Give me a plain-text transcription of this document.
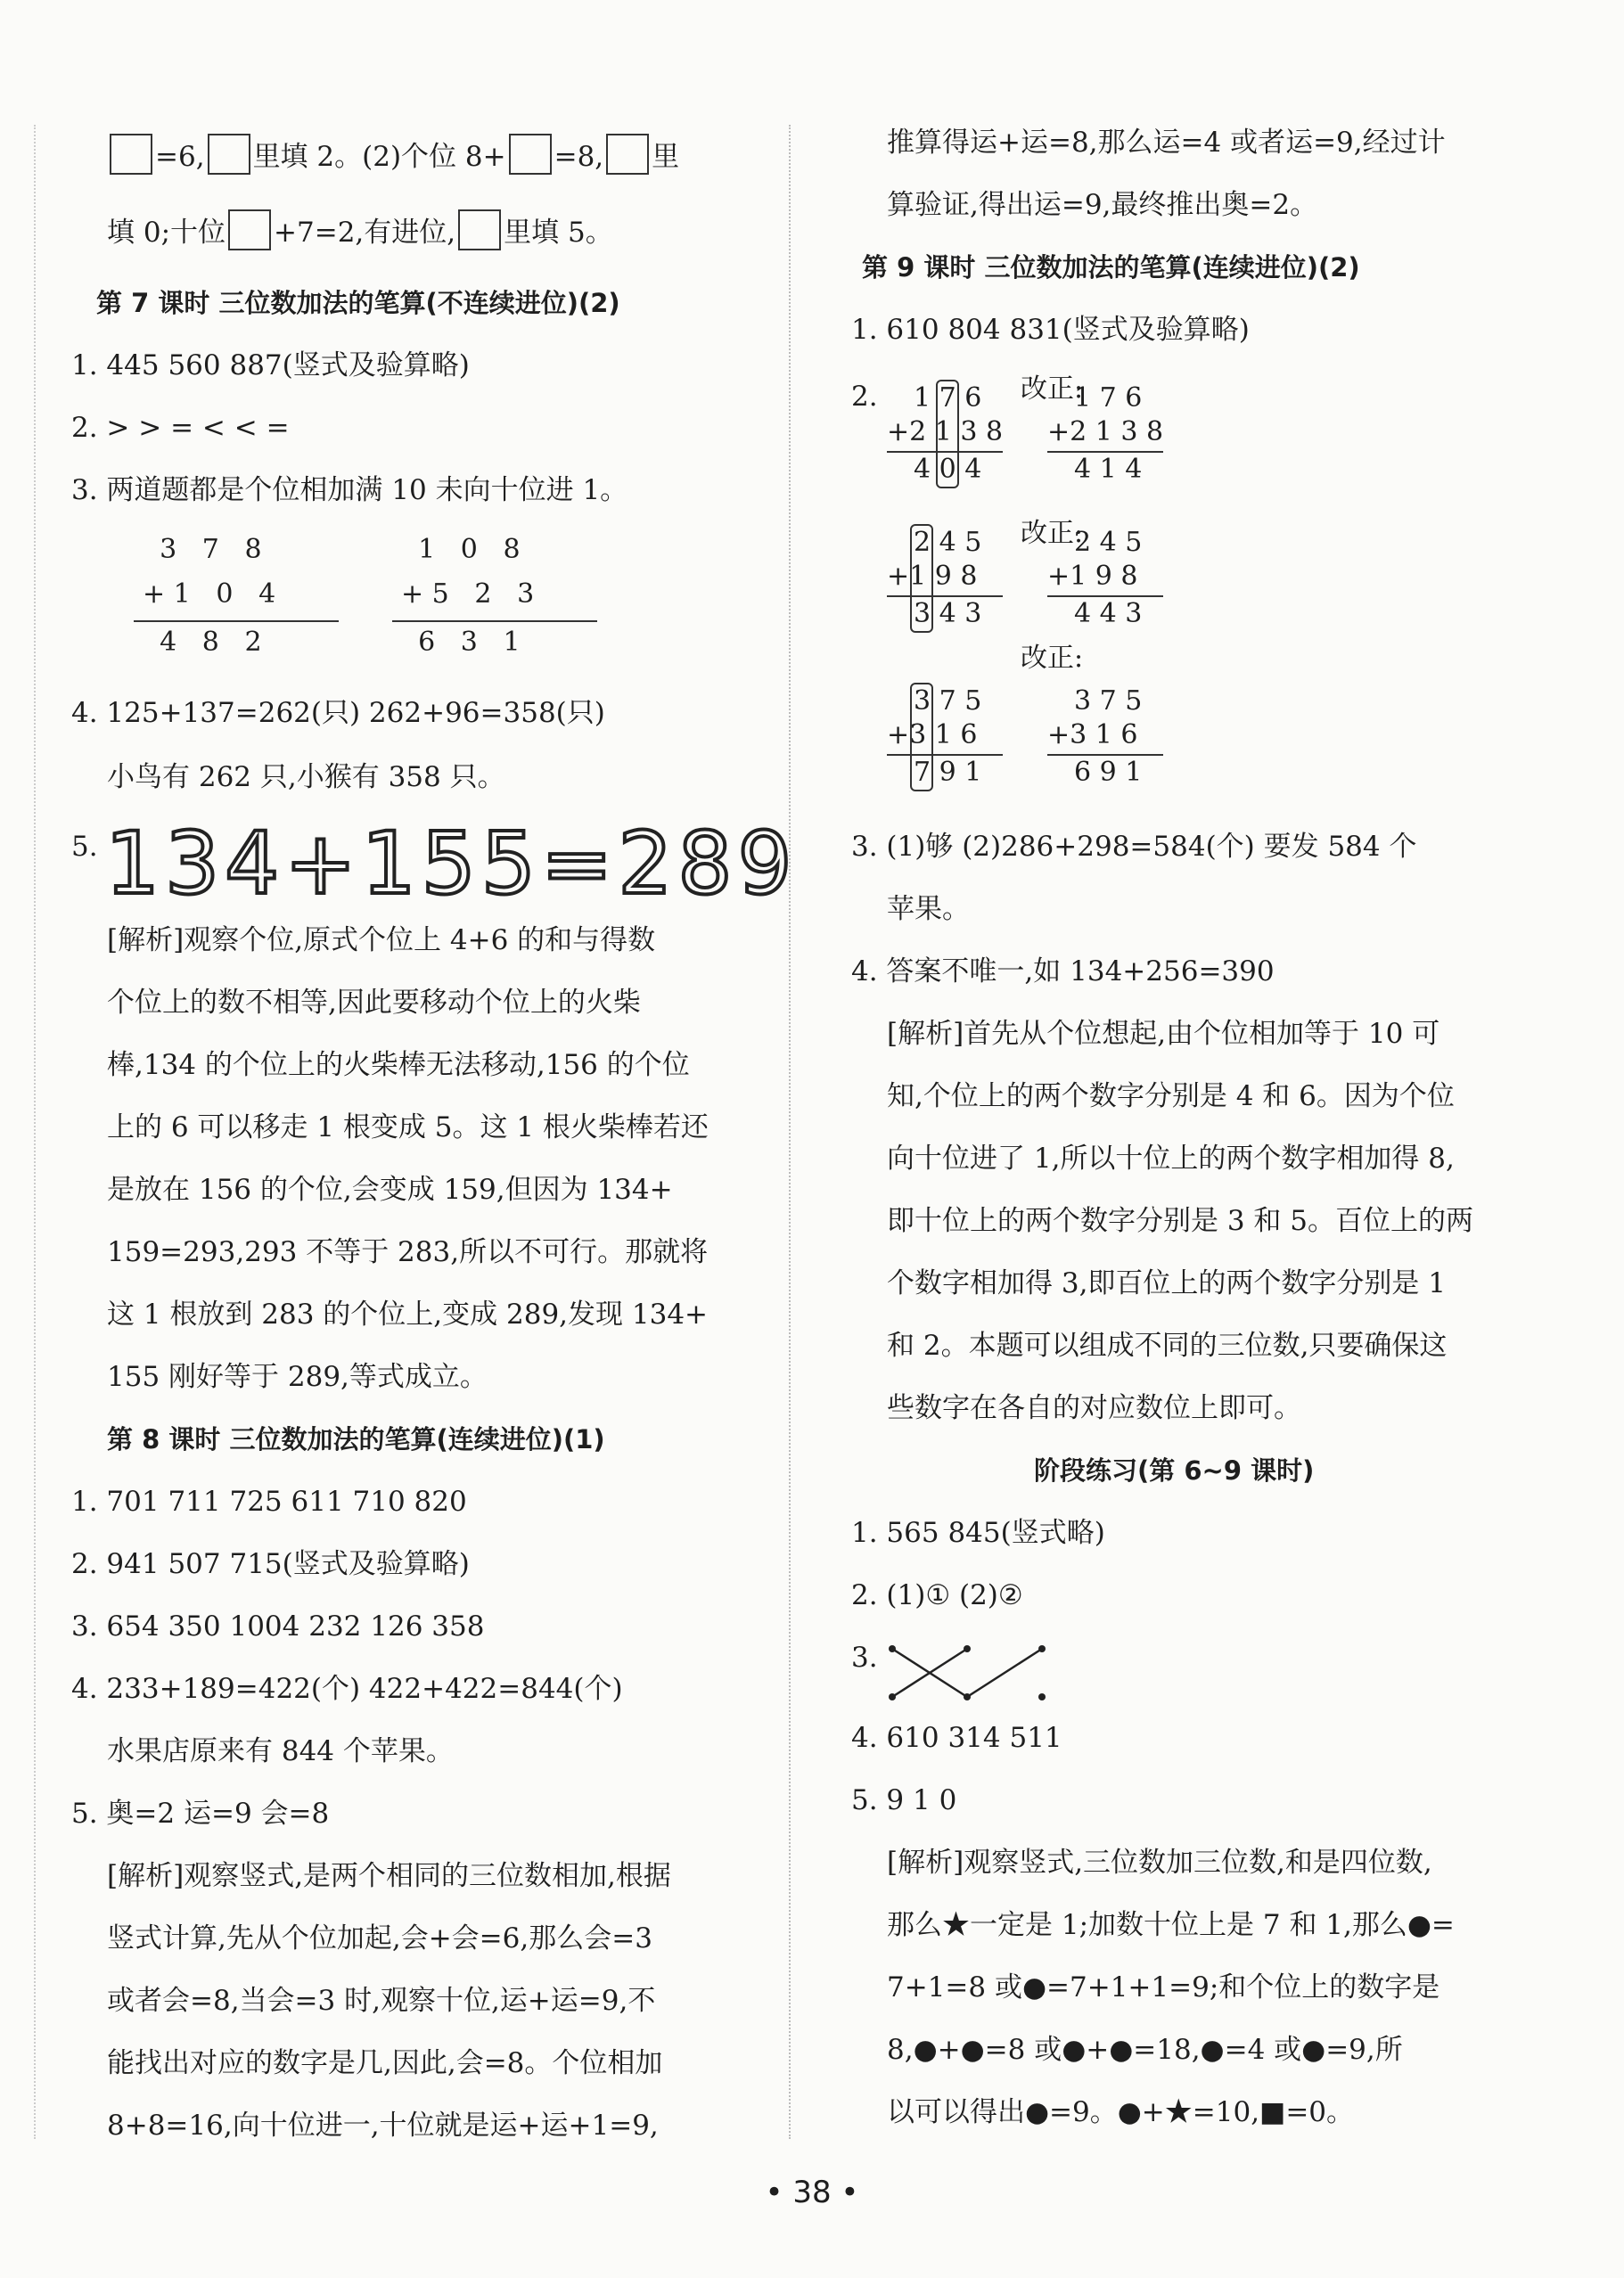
=6, 里填 2。(2)个位 8+ =8, 里
填 0;十位 +7=2,有进位, 里填 5。
第 7 课时 三位数加法的笔算(不连续进位)(2)
1. 445 560 887(竖式及验算略)
2. > > = < < =
3. 两道题都是个位相加满 10 未向十位进 1。
3   7   8
+ 1   0   4
4   8   2
1   0   8
+ 5   2   3
6   3   1
4. 125+137=262(只) 262+96=358(只)
小鸟有 262 只,小猴有 358 只。
5. 134+155=289
[解析]观察个位,原式个位上 4+6 的和与得数
个位上的数不相等,因此要移动个位上的火柴
棒,134 的个位上的火柴棒无法移动,156 的个位
上的 6 可以移走 1 根变成 5。这 1 根火柴棒若还
是放在 156 的个位,会变成 159,但因为 134+
159=293,293 不等于 283,所以不可行。那就将
这 1 根放到 283 的个位上,变成 289,发现 134+
155 刚好等于 289,等式成立。
第 8 课时 三位数加法的笔算(连续进位)(1)
1. 701 711 725 611 710 820
2. 941 507 715(竖式及验算略)
3. 654 350 1004 232 126 358
4. 233+189=422(个) 422+422=844(个)
水果店原来有 844 个苹果。
5. 奥=2 运=9 会=8
[解析]观察竖式,是两个相同的三位数相加,根据
竖式计算,先从个位加起,会+会=6,那么会=3
或者会=8,当会=3 时,观察十位,运+运=9,不
能找出对应的数字是几,因此,会=8。个位相加
8+8=16,向十位进一,十位就是运+运+1=9,
推算得运+运=8,那么运=4 或者运=9,经过计
算验证,得出运=9,最终推出奥=2。
第 9 课时 三位数加法的笔算(连续进位)(2)
1. 610 804 831(竖式及验算略)
2. 1 7 6
+2 1 3 8
4 0 4
改正:
1 7 6
+2 1 3 8
4 1 4
2 4 5
+1 9 8
3 4 3
改正:
2 4 5
+1 9 8
4 4 3
3 7 5
+3 1 6
7 9 1
改正:
3 7 5
+3 1 6
6 9 1
3. (1)够 (2)286+298=584(个) 要发 584 个
苹果。
4. 答案不唯一,如 134+256=390
[解析]首先从个位想起,由个位相加等于 10 可
知,个位上的两个数字分别是 4 和 6。因为个位
向十位进了 1,所以十位上的两个数字相加得 8,
即十位上的两个数字分别是 3 和 5。百位上的两
个数字相加得 3,即百位上的两个数字分别是 1
和 2。本题可以组成不同的三位数,只要确保这
些数字在各自的对应数位上即可。
阶段练习(第 6~9 课时)
1. 565 845(竖式略)
2. (1)① (2)②
3.
4. 610 314 511
5. 9 1 0
[解析]观察竖式,三位数加三位数,和是四位数,
那么★一定是 1;加数十位上是 7 和 1,那么●=
7+1=8 或●=7+1+1=9;和个位上的数字是
8,●+●=8 或●+●=18,●=4 或●=9,所
以可以得出●=9。●+★=10,■=0。
• 38 •
